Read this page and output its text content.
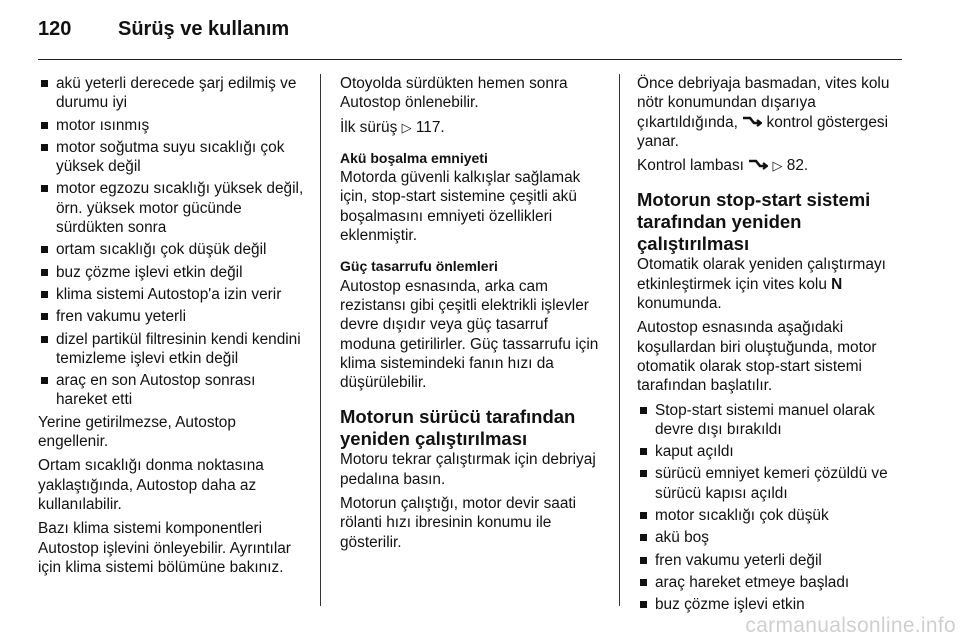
120 Sürüş ve kullanım
akü yeterli derecede şarj edilmiş ve durumu iyi
motor ısınmış
motor soğutma suyu sıcaklığı çok yüksek değil
motor egzozu sıcaklığı yüksek değil, örn. yüksek motor gücünde sürdükten sonra
ortam sıcaklığı çok düşük değil
buz çözme işlevi etkin değil
klima sistemi Autostop'a izin verir
fren vakumu yeterli
dizel partikül filtresinin kendi kendini temizleme işlevi etkin değil
araç en son Autostop sonrası hareket etti

Yerine getirilmezse, Autostop engellenir.

Ortam sıcaklığı donma noktasına yaklaştığında, Autostop daha az kullanılabilir.

Bazı klima sistemi komponentleri Autostop işlevini önleyebilir. Ayrıntılar için klima sistemi bölümüne bakınız.

Otoyolda sürdükten hemen sonra Autostop önlenebilir.

İlk sürüş ▷ 117.

Akü boşalma emniyeti

Motorda güvenli kalkışlar sağlamak için, stop-start sistemine çeşitli akü boşalmasını emniyeti özellikleri eklenmiştir.

Güç tasarrufu önlemleri

Autostop esnasında, arka cam rezistansı gibi çeşitli elektrikli işlevler devre dışıdır veya güç tasarruf moduna getirilirler. Güç tassarrufu için klima sistemindeki fanın hızı da düşürülebilir.

Motorun sürücü tarafından yeniden çalıştırılması

Motoru tekrar çalıştırmak için debriyaj pedalına basın.

Motorun çalıştığı, motor devir saati rölanti hızı ibresinin konumu ile gösterilir.

Önce debriyaja basmadan, vites kolu nötr konumundan dışarıya çıkartıldığında, kontrol göstergesi yanar.

Kontrol lambası ▷ 82.

Motorun stop-start sistemi tarafından yeniden çalıştırılması

Otomatik olarak yeniden çalıştırmayı etkinleştirmek için vites kolu N konumunda.

Autostop esnasında aşağıdaki koşullardan biri oluştuğunda, motor otomatik olarak stop-start sistemi tarafından başlatılır.

Stop-start sistemi manuel olarak devre dışı bırakıldı
kaput açıldı
sürücü emniyet kemeri çözüldü ve sürücü kapısı açıldı
motor sıcaklığı çok düşük
akü boş
fren vakumu yeterli değil
araç hareket etmeye başladı
buz çözme işlevi etkin
carmanualsonline.info
